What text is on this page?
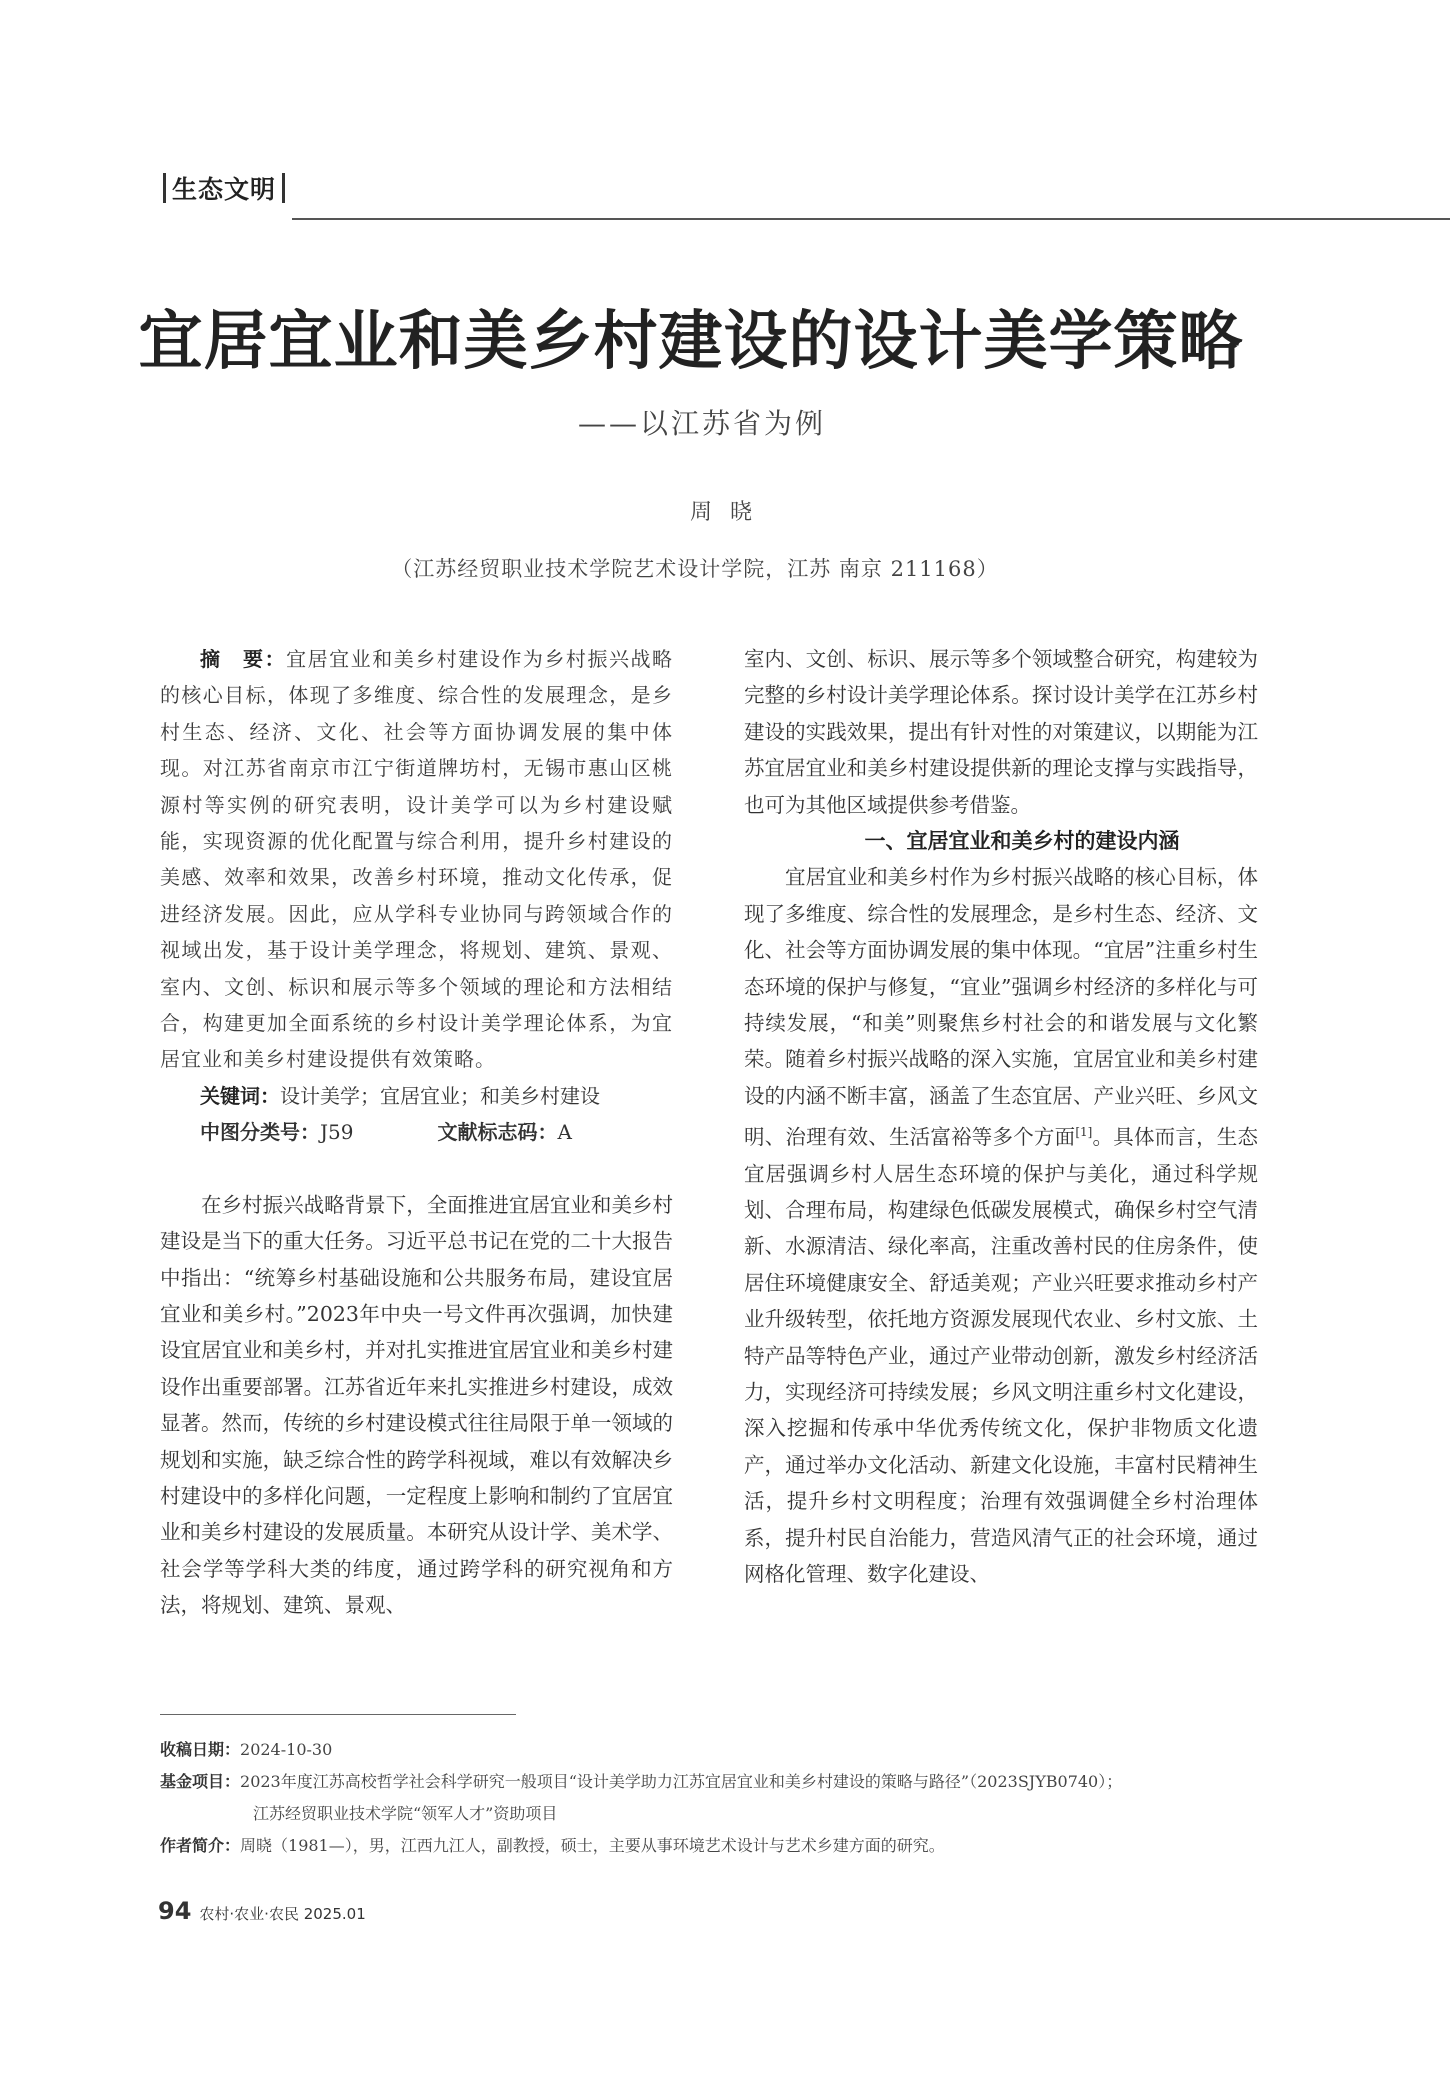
生态文明
宜居宜业和美乡村建设的设计美学策略
——以江苏省为例
周晓
（江苏经贸职业技术学院艺术设计学院，江苏 南京 211168）

摘　要：宜居宜业和美乡村建设作为乡村振兴战略的核心目标，体现了多维度、综合性的发展理念，是乡村生态、经济、文化、社会等方面协调发展的集中体现。对江苏省南京市江宁街道牌坊村，无锡市惠山区桃源村等实例的研究表明，设计美学可以为乡村建设赋能，实现资源的优化配置与综合利用，提升乡村建设的美感、效率和效果，改善乡村环境，推动文化传承，促进经济发展。因此，应从学科专业协同与跨领域合作的视域出发，基于设计美学理念，将规划、建筑、景观、室内、文创、标识和展示等多个领域的理论和方法相结合，构建更加全面系统的乡村设计美学理论体系，为宜居宜业和美乡村建设提供有效策略。

关键词：设计美学；宜居宜业；和美乡村建设

中图分类号：J59	文献标志码：A

在乡村振兴战略背景下，全面推进宜居宜业和美乡村建设是当下的重大任务。习近平总书记在党的二十大报告中指出：“统筹乡村基础设施和公共服务布局，建设宜居宜业和美乡村。”2023年中央一号文件再次强调，加快建设宜居宜业和美乡村，并对扎实推进宜居宜业和美乡村建设作出重要部署。江苏省近年来扎实推进乡村建设，成效显著。然而，传统的乡村建设模式往往局限于单一领域的规划和实施，缺乏综合性的跨学科视域，难以有效解决乡村建设中的多样化问题，一定程度上影响和制约了宜居宜业和美乡村建设的发展质量。本研究从设计学、美术学、社会学等学科大类的纬度，通过跨学科的研究视角和方法，将规划、建筑、景观、

室内、文创、标识、展示等多个领域整合研究，构建较为完整的乡村设计美学理论体系。探讨设计美学在江苏乡村建设的实践效果，提出有针对性的对策建议，以期能为江苏宜居宜业和美乡村建设提供新的理论支撑与实践指导，也可为其他区域提供参考借鉴。

一、宜居宜业和美乡村的建设内涵

宜居宜业和美乡村作为乡村振兴战略的核心目标，体现了多维度、综合性的发展理念，是乡村生态、经济、文化、社会等方面协调发展的集中体现。“宜居”注重乡村生态环境的保护与修复，“宜业”强调乡村经济的多样化与可持续发展，“和美”则聚焦乡村社会的和谐发展与文化繁荣。随着乡村振兴战略的深入实施，宜居宜业和美乡村建设的内涵不断丰富，涵盖了生态宜居、产业兴旺、乡风文明、治理有效、生活富裕等多个方面[1]。具体而言，生态宜居强调乡村人居生态环境的保护与美化，通过科学规划、合理布局，构建绿色低碳发展模式，确保乡村空气清新、水源清洁、绿化率高，注重改善村民的住房条件，使居住环境健康安全、舒适美观；产业兴旺要求推动乡村产业升级转型，依托地方资源发展现代农业、乡村文旅、土特产品等特色产业，通过产业带动创新，激发乡村经济活力，实现经济可持续发展；乡风文明注重乡村文化建设，深入挖掘和传承中华优秀传统文化，保护非物质文化遗产，通过举办文化活动、新建文化设施，丰富村民精神生活，提升乡村文明程度；治理有效强调健全乡村治理体系，提升村民自治能力，营造风清气正的社会环境，通过网格化管理、数字化建设、

收稿日期： 2024-10-30
基金项目： 2023年度江苏高校哲学社会科学研究一般项目“设计美学助力江苏宜居宜业和美乡村建设的策略与路径”（2023SJYB0740）；
江苏经贸职业技术学院“领军人才”资助项目
作者简介： 周晓（1981—），男，江西九江人，副教授，硕士，主要从事环境艺术设计与艺术乡建方面的研究。
94 农村·农业·农民 2025.01
